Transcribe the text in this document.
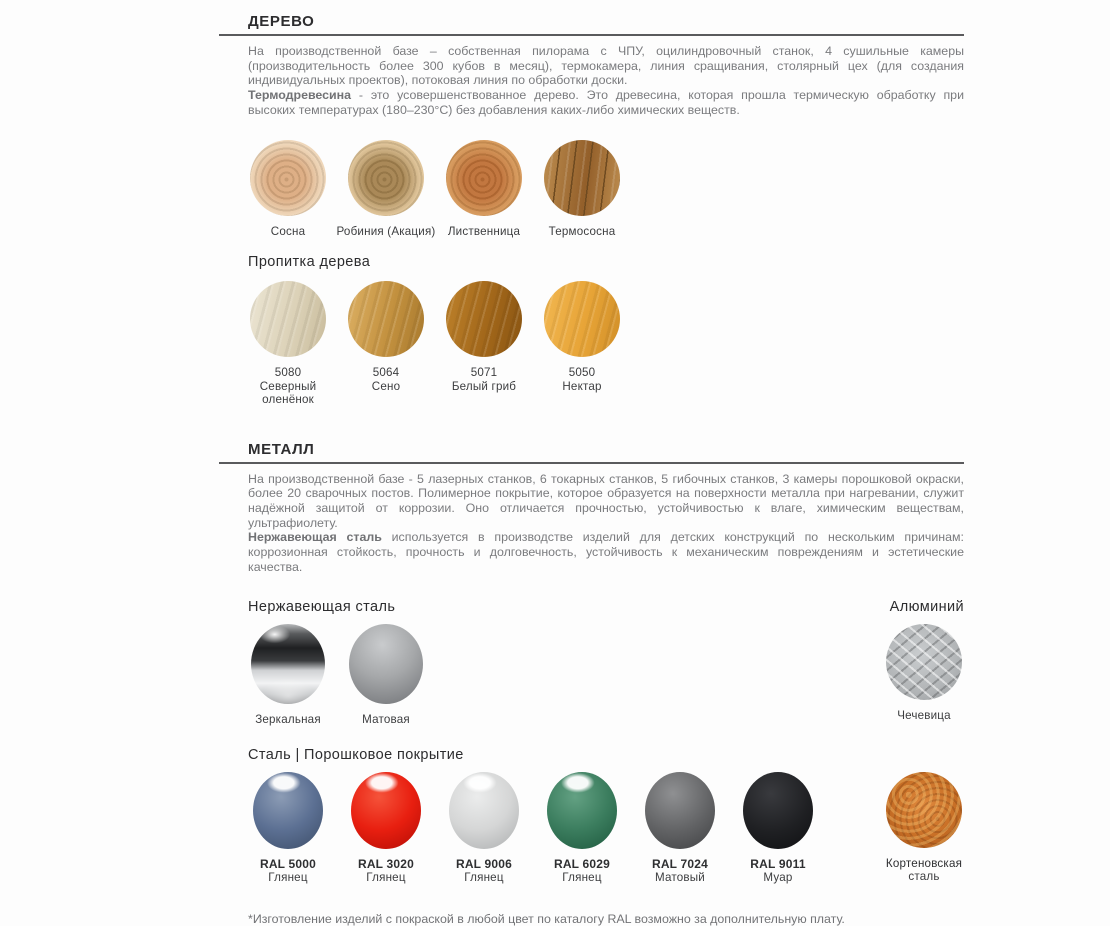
ДЕРЕВО

На производственной базе – собственная пилорама с ЧПУ, оцилиндровочный станок, 4 сушильные камеры (производительность более 300 кубов в месяц), термокамера, линия сращивания, столярный цех (для создания индивидуальных проектов), потоковая линия по обработки доски.
Термодревесина - это усовершенствованное дерево. Это древесина, которая прошла термическую обработку при высоких температурах (180–230°С) без добавления каких-либо химических веществ.

Сосна	Робиния (Акация) Лиственница Термососна
Пропитка дерева
5080
Северный
оленёнок
5064
Сено
5071
Белый гриб
5050
Нектар
МЕТАЛЛ

На производственной базе - 5 лазерных станков, 6 токарных станков, 5 гибочных станков, 3 камеры порошковой окраски, более 20 сварочных постов. Полимерное покрытие, которое образуется на поверхности металла при нагревании, служит надёжной защитой от коррозии. Оно отличается прочностью, устойчивостью к влаге, химическим веществам, ультрафиолету.
Нержавеющая сталь используется в производстве изделий для детских конструкций по нескольким причинам: коррозионная стойкость, прочность и долговечность, устойчивость к механическим повреждениям и эстетические качества.

Нержавеющая сталь	Алюминий
Зеркальная	Матовая	Чечевица
Сталь | Порошковое покрытие
RAL 5000
Глянец
RAL 3020
Глянец
RAL 9006
Глянец
RAL 6029
Глянец
RAL 7024
Матовый
RAL 9011
Муар
Кортеновская
сталь

*Изготовление изделий с покраской в любой цвет по каталогу RAL возможно за дополнительную плату.
